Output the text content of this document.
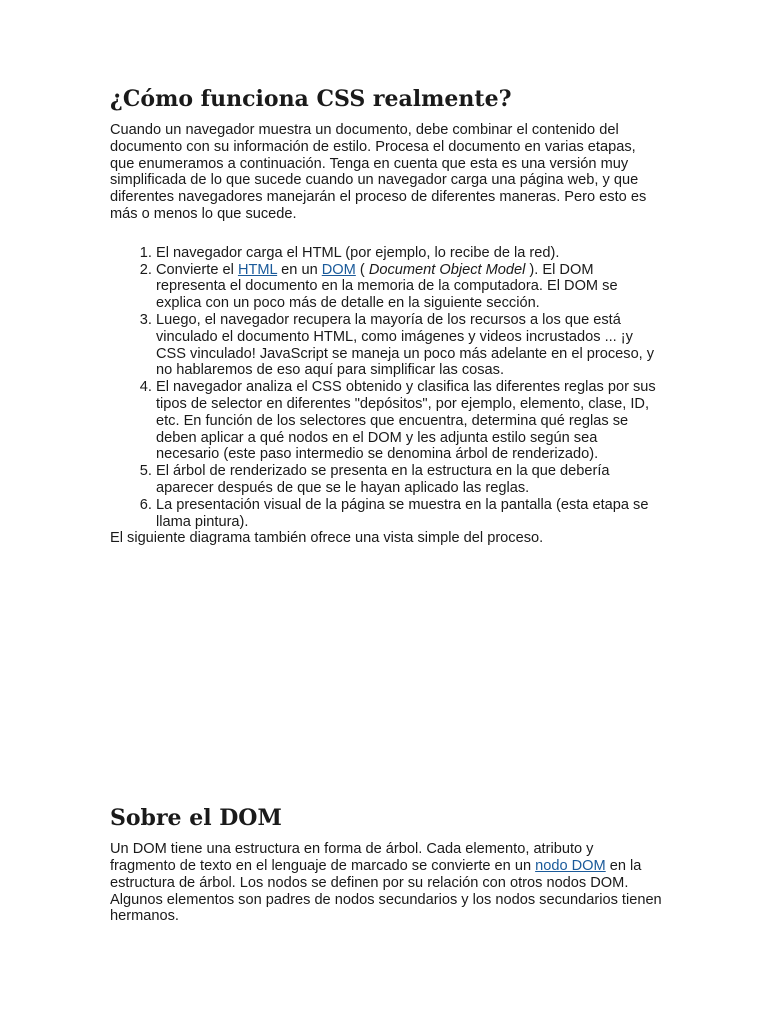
¿Cómo funciona CSS realmente?

Cuando un navegador muestra un documento, debe combinar el contenido del documento con su información de estilo. Procesa el documento en varias etapas, que enumeramos a continuación. Tenga en cuenta que esta es una versión muy simplificada de lo que sucede cuando un navegador carga una página web, y que diferentes navegadores manejarán el proceso de diferentes maneras. Pero esto es más o menos lo que sucede.

1. El navegador carga el HTML (por ejemplo, lo recibe de la red).
2. Convierte el HTML en un DOM ( Document Object Model ). El DOM representa el documento en la memoria de la computadora. El DOM se explica con un poco más de detalle en la siguiente sección.
3. Luego, el navegador recupera la mayoría de los recursos a los que está vinculado el documento HTML, como imágenes y videos incrustados ... ¡y CSS vinculado! JavaScript se maneja un poco más adelante en el proceso, y no hablaremos de eso aquí para simplificar las cosas.
4. El navegador analiza el CSS obtenido y clasifica las diferentes reglas por sus tipos de selector en diferentes "depósitos", por ejemplo, elemento, clase, ID, etc. En función de los selectores que encuentra, determina qué reglas se deben aplicar a qué nodos en el DOM y les adjunta estilo según sea necesario (este paso intermedio se denomina árbol de renderizado).
5. El árbol de renderizado se presenta en la estructura en la que debería aparecer después de que se le hayan aplicado las reglas.
6. La presentación visual de la página se muestra en la pantalla (esta etapa se llama pintura).

El siguiente diagrama también ofrece una vista simple del proceso.

Sobre el DOM

Un DOM tiene una estructura en forma de árbol. Cada elemento, atributo y fragmento de texto en el lenguaje de marcado se convierte en un nodo DOM en la estructura de árbol. Los nodos se definen por su relación con otros nodos DOM. Algunos elementos son padres de nodos secundarios y los nodos secundarios tienen hermanos.
